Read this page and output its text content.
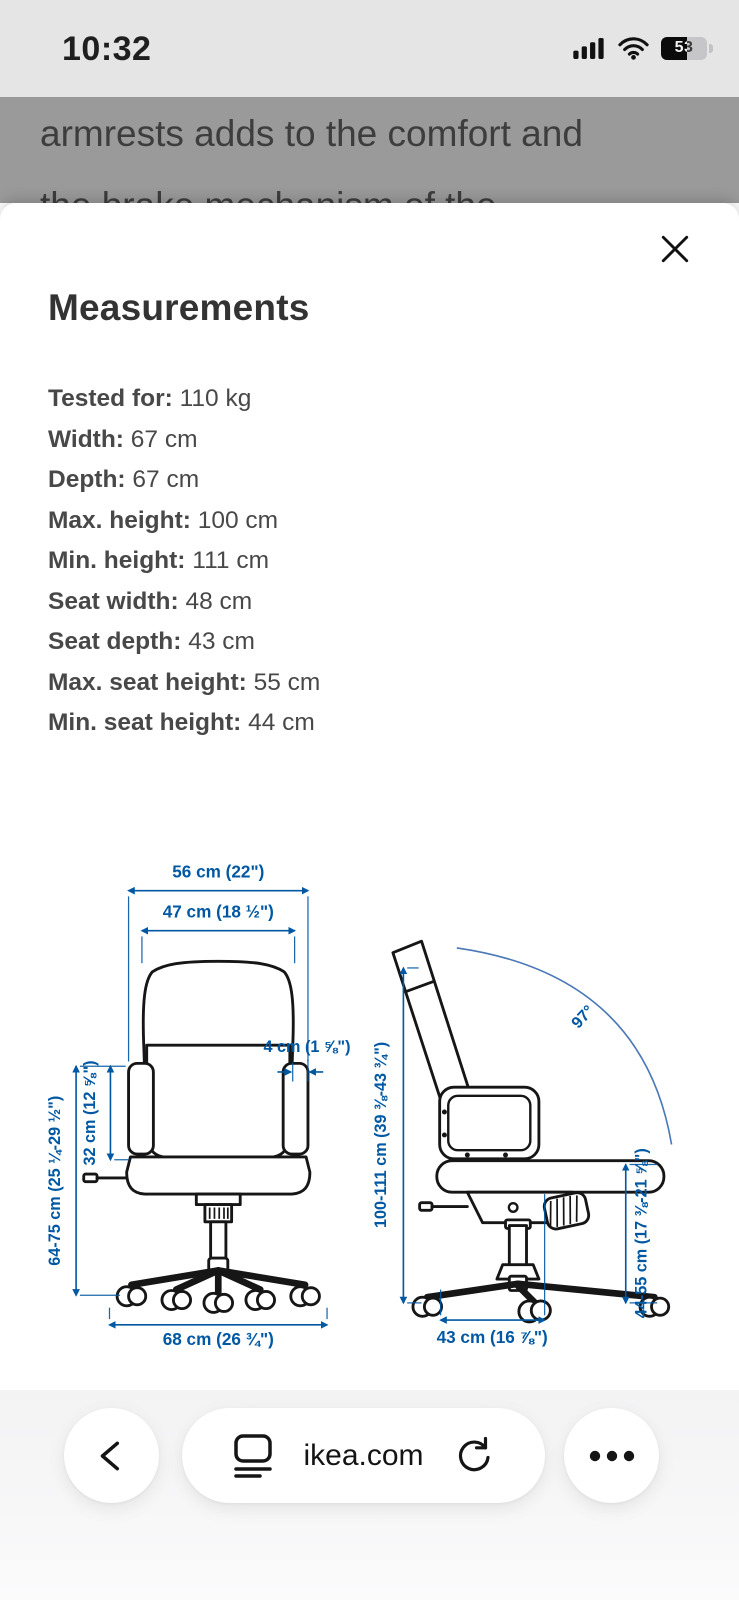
10:32	53
armrests adds to the comfort and
Measurements
Tested for: 110 kg
Width: 67 cm
Depth: 67 cm
Max. height: 100 cm
Min. height: 111 cm
Seat width: 48 cm
Seat depth: 43 cm
Max. seat height: 55 cm
Min. seat height: 44 cm
56 cm (22")
47 cm (18 ½")
4 cm (1 ⅝")
64-75 cm (25 ¼-29 ½") 32 cm (12 ⅝")
68 cm (26 ¾")
100-111 cm (39 ⅜-43 ¾")
97°
44-55 cm (17 ⅜-21 ⅝")
43 cm (16 ⅞")
ikea.com
